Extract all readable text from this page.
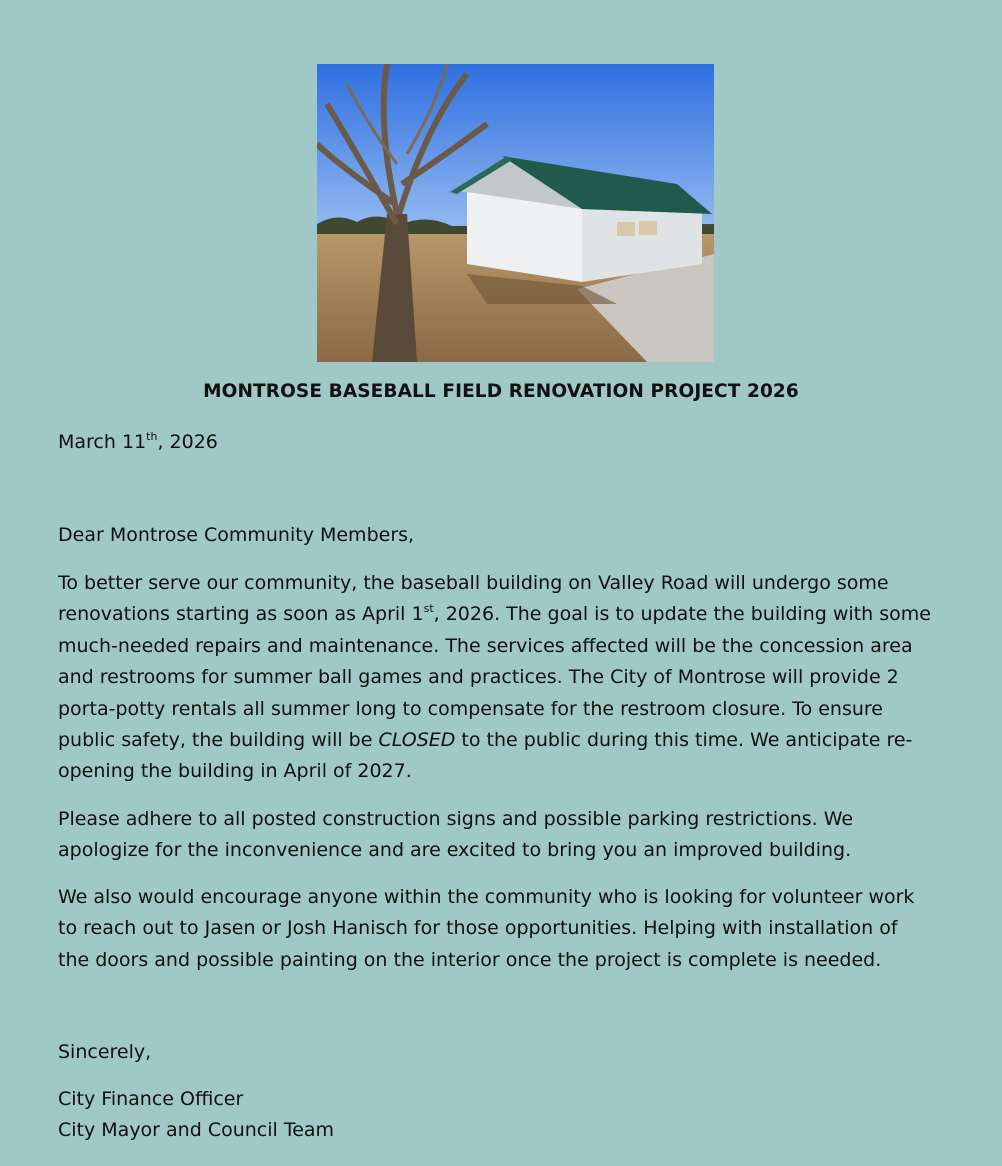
MONTROSE BASEBALL FIELD RENOVATION PROJECT 2026
March 11th, 2026
Dear Montrose Community Members,
To better serve our community, the baseball building on Valley Road will undergo some
renovations starting as soon as April 1st, 2026. The goal is to update the building with some
much-needed repairs and maintenance. The services affected will be the concession area
and restrooms for summer ball games and practices. The City of Montrose will provide 2
porta-potty rentals all summer long to compensate for the restroom closure. To ensure
public safety, the building will be CLOSED to the public during this time. We anticipate re-
opening the building in April of 2027.
Please adhere to all posted construction signs and possible parking restrictions. We
apologize for the inconvenience and are excited to bring you an improved building.
We also would encourage anyone within the community who is looking for volunteer work
to reach out to Jasen or Josh Hanisch for those opportunities. Helping with installation of
the doors and possible painting on the interior once the project is complete is needed.
Sincerely,
City Finance Officer
City Mayor and Council Team
